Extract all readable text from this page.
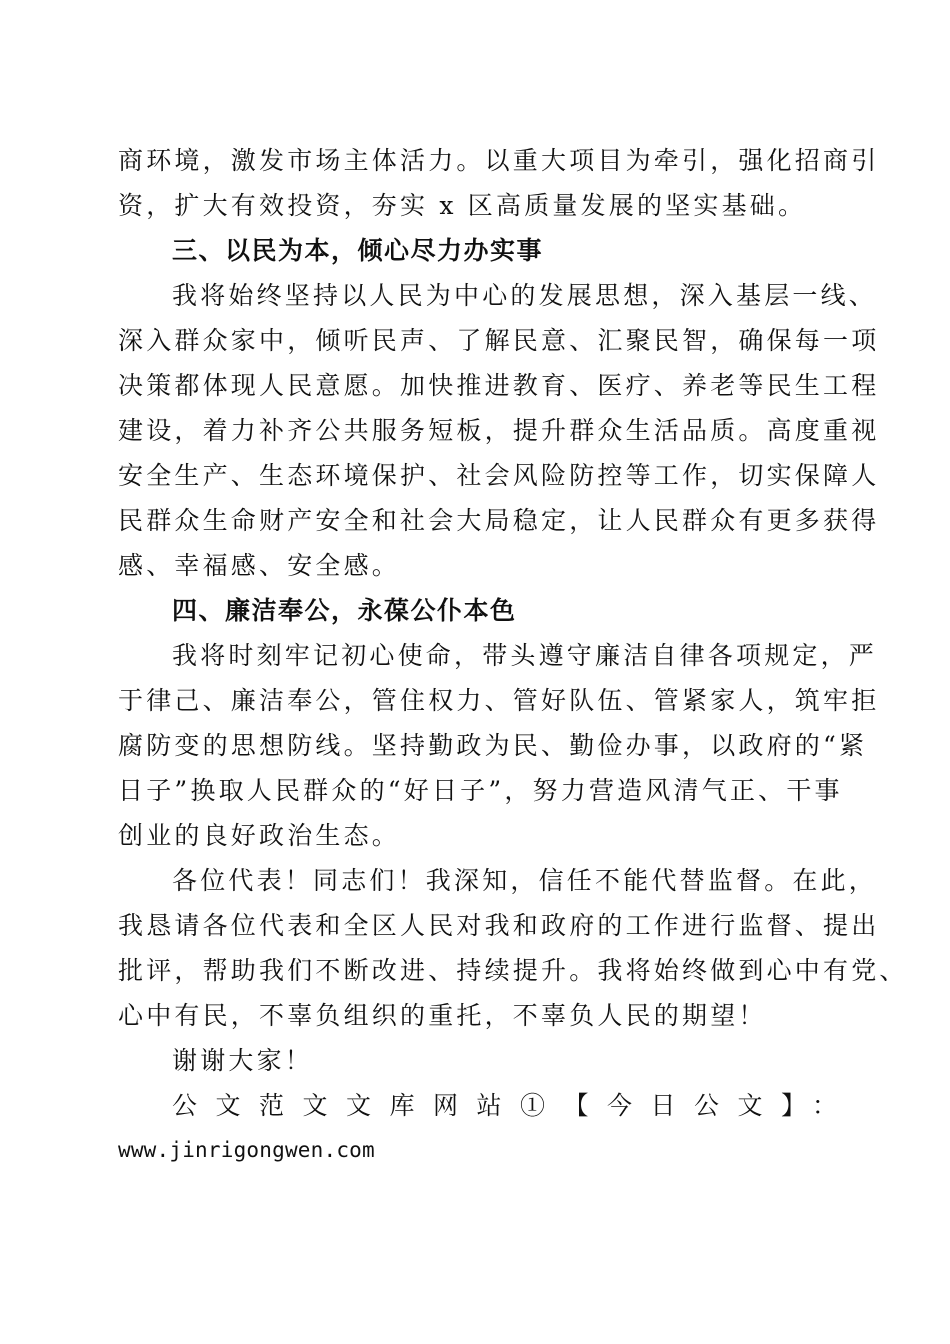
商环境，激发市场主体活力。以重大项目为牵引，强化招商引
资，扩大有效投资，夯实 x 区高质量发展的坚实基础。
三、以民为本，倾心尽力办实事
我将始终坚持以人民为中心的发展思想，深入基层一线、
深入群众家中，倾听民声、了解民意、汇聚民智，确保每一项
决策都体现人民意愿。加快推进教育、医疗、养老等民生工程
建设，着力补齐公共服务短板，提升群众生活品质。高度重视
安全生产、生态环境保护、社会风险防控等工作，切实保障人
民群众生命财产安全和社会大局稳定，让人民群众有更多获得
感、幸福感、安全感。
四、廉洁奉公，永葆公仆本色
我将时刻牢记初心使命，带头遵守廉洁自律各项规定，严
于律己、廉洁奉公，管住权力、管好队伍、管紧家人，筑牢拒
腐防变的思想防线。坚持勤政为民、勤俭办事，以政府的“紧
日子”换取人民群众的“好日子”，努力营造风清气正、干事
创业的良好政治生态。
各位代表！同志们！我深知，信任不能代替监督。在此，
我恳请各位代表和全区人民对我和政府的工作进行监督、提出
批评，帮助我们不断改进、持续提升。我将始终做到心中有党、
心中有民，不辜负组织的重托，不辜负人民的期望！
谢谢大家！
公文范文文库网站①【今日公文】：
www.jinrigongwen.com
